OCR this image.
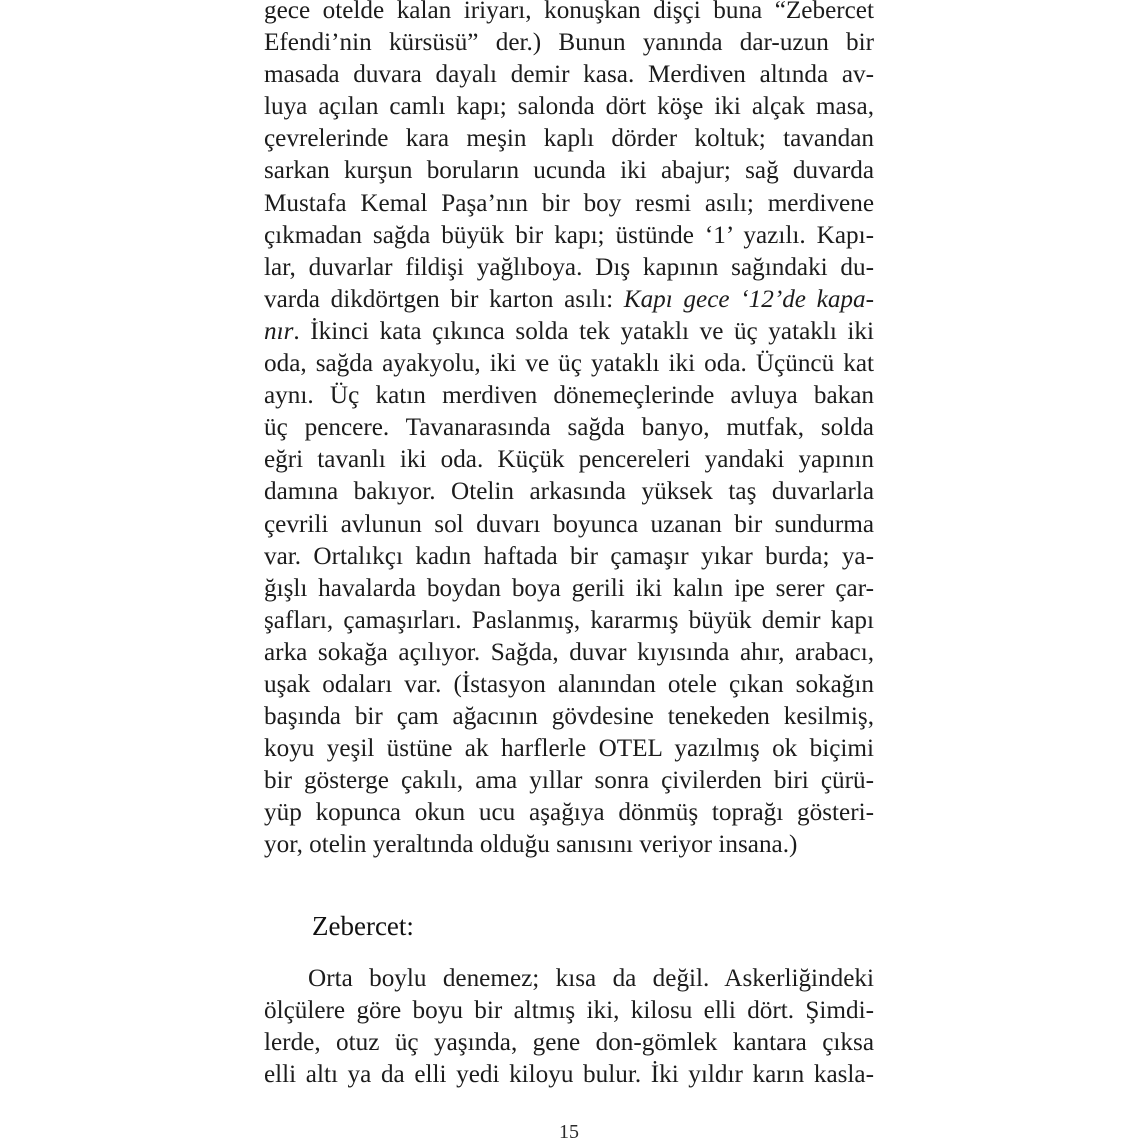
gece otelde kalan iriyarı, konuşkan dişçi buna “Zebercet
Efendi’nin kürsüsü” der.) Bunun yanında dar-uzun bir
masada duvara dayalı demir kasa. Merdiven altında av-
luya açılan camlı kapı; salonda dört köşe iki alçak masa,
çevrelerinde kara meşin kaplı dörder koltuk; tavandan
sarkan kurşun boruların ucunda iki abajur; sağ duvarda
Mustafa Kemal Paşa’nın bir boy resmi asılı; merdivene
çıkmadan sağda büyük bir kapı; üstünde ‘1’ yazılı. Kapı-
lar, duvarlar fildişi yağlıboya. Dış kapının sağındaki du-
varda dikdörtgen bir karton asılı: Kapı gece ‘12’de kapa-
nır. İkinci kata çıkınca solda tek yataklı ve üç yataklı iki
oda, sağda ayakyolu, iki ve üç yataklı iki oda. Üçüncü kat
aynı. Üç katın merdiven dönemeçlerinde avluya bakan
üç pencere. Tavanarasında sağda banyo, mutfak, solda
eğri tavanlı iki oda. Küçük pencereleri yandaki yapının
damına bakıyor. Otelin arkasında yüksek taş duvarlarla
çevrili avlunun sol duvarı boyunca uzanan bir sundurma
var. Ortalıkçı kadın haftada bir çamaşır yıkar burda; ya-
ğışlı havalarda boydan boya gerili iki kalın ipe serer çar-
şafları, çamaşırları. Paslanmış, kararmış büyük demir kapı
arka sokağa açılıyor. Sağda, duvar kıyısında ahır, arabacı,
uşak odaları var. (İstasyon alanından otele çıkan sokağın
başında bir çam ağacının gövdesine tenekeden kesilmiş,
koyu yeşil üstüne ak harflerle OTEL yazılmış ok biçimi
bir gösterge çakılı, ama yıllar sonra çivilerden biri çürü-
yüp kopunca okun ucu aşağıya dönmüş toprağı gösteri-
yor, otelin yeraltında olduğu sanısını veriyor insana.)
Zebercet:
Orta boylu denemez; kısa da değil. Askerliğindeki
ölçülere göre boyu bir altmış iki, kilosu elli dört. Şimdi-
lerde, otuz üç yaşında, gene don-gömlek kantara çıksa
elli altı ya da elli yedi kiloyu bulur. İki yıldır karın kasla-
15
